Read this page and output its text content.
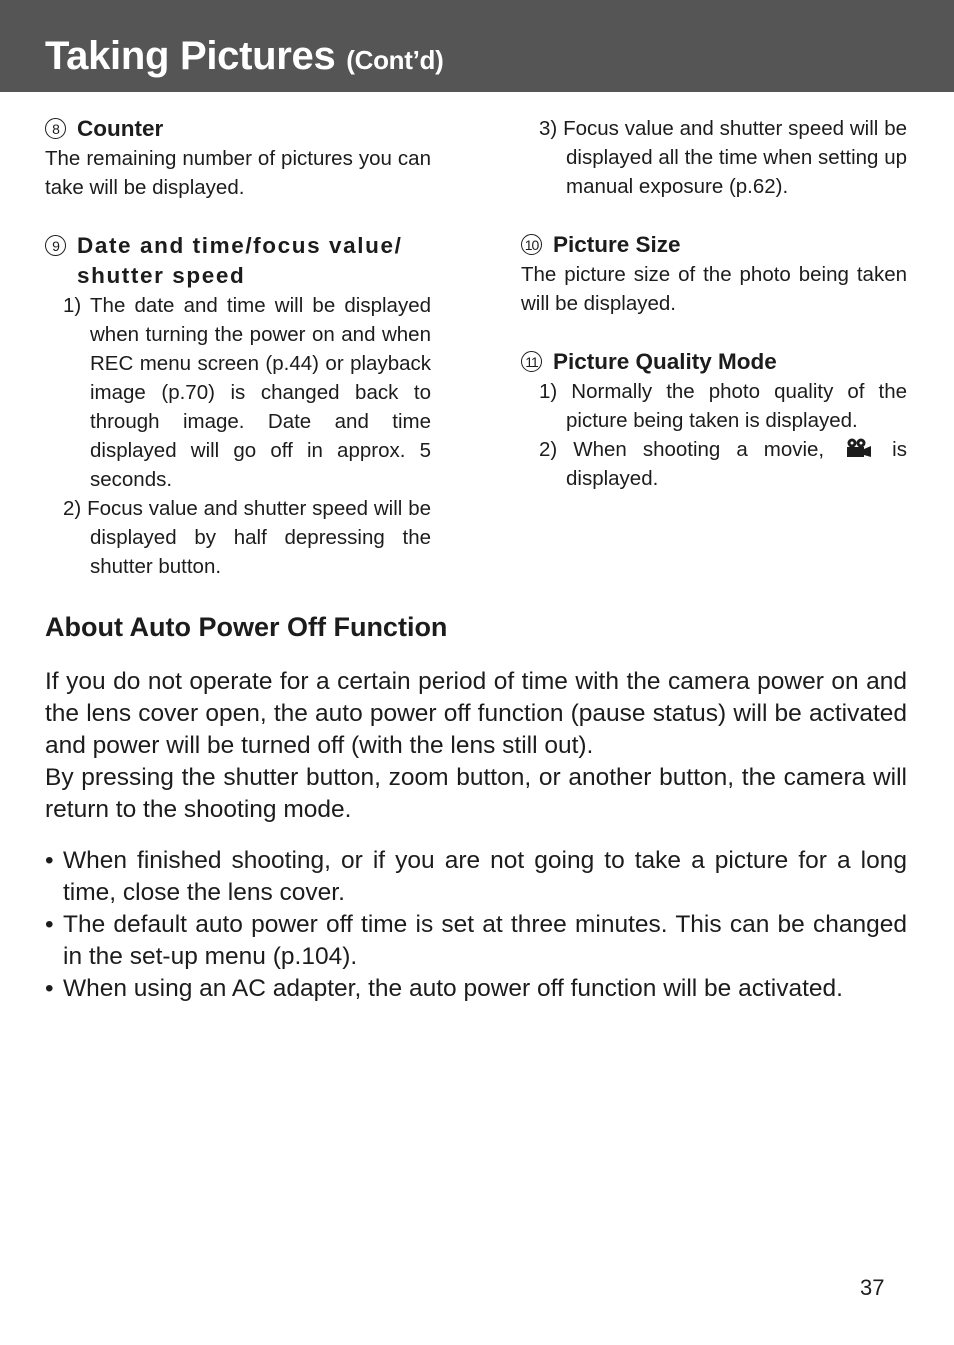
Taking Pictures (Cont’d)
8 Counter

The remaining number of pictures you can take will be displayed.

9 Date and time/focus value/ shutter speed
1) The date and time will be displayed when turning the power on and when REC menu screen (p.44) or playback image (p.70) is changed back to through image. Date and time displayed will go off in approx. 5 seconds.
2) Focus value and shutter speed will be displayed by half depressing the shutter button.
3) Focus value and shutter speed will be displayed all the time when setting up manual exposure (p.62).
10 Picture Size

The picture size of the photo being taken will be displayed.

11 Picture Quality Mode
1) Normally the photo quality of the picture being taken is displayed.
2) When shooting a movie,	is displayed.
About Auto Power Off Function

If you do not operate for a certain period of time with the camera power on and the lens cover open, the auto power off function (pause status) will be activated and power will be turned off (with the lens still out).

By pressing the shutter button, zoom button, or another button, the camera will return to the shooting mode.

• When finished shooting, or if you are not going to take a picture for a long time, close the lens cover.
• The default auto power off time is set at three minutes. This can be changed in the set-up menu (p.104).
• When using an AC adapter, the auto power off function will be activated.
37
